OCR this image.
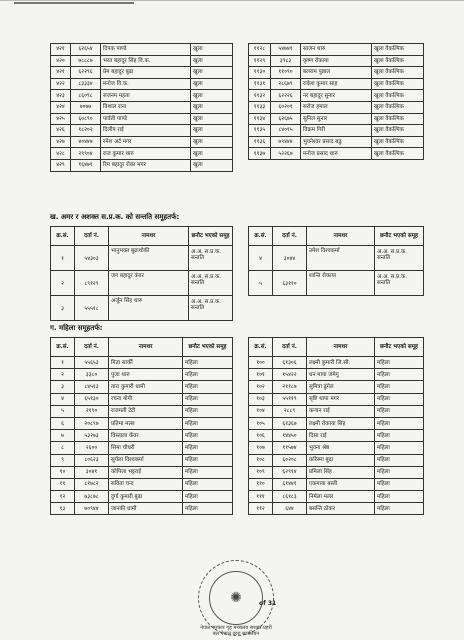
४२१	६२६५४	दिपक पाण्डे	खुला
४२०	७८८८७	भरत बहादुर सिंह वि.क.	खुला
४२१	६२२९६	प्रेम बहादुर बुढा	खुला
४२२	८३३३४	मनोज वि.क.	खुला
४२३	८६०९८	सजनम महता	खुला
४२४	७०७७	विशाल राना	खुला
४२५	६०८९०	पार्वती पाण्डे	खुला
४२६	१८२०२	दिलीप राई	खुला
४२७	४०४४७	रमेश अर्ट मगर	खुला
४२८	२९९०४	राज कुमार थारु	खुला
४२९	१६४७१	रिम बहादुर रोका मगर	खुला
११२८	५४७४१	साजन थारु	खुला वैकल्पिक
११२९	३९८३	कृष्ण रोकाया	खुला वैकल्पिक
११३०	११०९०	बलराम पुन्नाल	खुला वैकल्पिक
११३१	२८६७९	राकेश कुमार साह	खुला वैकल्पिक
११३२	६२२२६	नर बहादुर सुनार	खुला वैकल्पिक
११३३	६०२०१	सरोज हमाल	खुला वैकल्पिक
११३४	६२६७५	सुनिल सुनार	खुला वैकल्पिक
११३५	८४०१५	विक्रम गिरी	खुला वैकल्पिक
११३६	७९४४४	भुवनेश्वर प्रसाद बढु	खुला वैकल्पिक
११३७	५२२६७	मनोज प्रसाद थारु	खुला वैकल्पिक

ख. अमर र अशक्त स.प्र.क. को सन्तति समूहतर्फ:

क्र.सं.	दर्ता नं.	नामथर	छनौट भएको समूह
१	५४३०३	भानुभक्त बुढाथोकी	अ.अ. स.प्र.क. सन्तति
२	८९१२९	जग बहादुर कंवर	अ.अ. स.प्र.क. सन्तति
३	५५५१८	अर्जुन सिंह थारु	अ.अ. स.प्र.क. सन्तति
क्र.सं.	दर्ता नं.	नामथर	छनौट भएको समूह
४	३०४४	उमेश विश्वकर्मा	अ.अ. स.प्र.क. सन्तति
५	६३११०	शान्ति रोकाया	अ.अ. स.प्र.क. सन्तति

ग. महिला समूहतर्फ:

क्र.सं.	दर्ता नं.	नामथर	छनौट भएको समूह
१	५५६५३	गिता सार्की	महिला
२	३३८०	पुजा थारु	महिला
३	८४५१३	तारा कुमारी धामी	महिला
४	६५१३०	रचना योगी	महिला
५	२१९०	राजमती टेटी	महिला
६	२०८९७	प्रतिमा मल्ल	महिला
७	५३२७३	विस्ताला कँवर	महिला
८	२६००	सिमा चौधरी	महिला
९	८०६२३	सुर्यला विश्वकर्मा	महिला
१०	३०४१	कोपिला भट्टराई	महिला
११	८१७८२	सविता चन्द	महिला
१२	७३८७८	दुर्गा कुमारी बुढा	महिला
१३	७०९४४	जानकी धामी	महिला
क्र.सं.	दर्ता नं.	नामथर	छनौट भएको समूह
१००	६१३०६	लक्ष्मी कुमारी जि.सी.	महिला
१०१	१५४२२	धन माया जमेगु	महिला
१०२	२११८७	सुमित्रा ढुंगेल	महिला
१०३	५५११९	सृष्टि थापा मगर	महिला
१०४	२८८९	कन्चन राई	महिला
१०५	६१३६७	लक्ष्मी रोकाया सिंह	महिला
१०६	१४४५०	दिसा राई	महिला
१०७	११५७४	भुवना श्रेष्ठ	महिला
१०८	६०२०८	करिस्मा बुढा	महिला
१०९	६२९१४	प्रमिला सिंह	महिला
११०	६१४४१	एकमाया बस्ती	महिला
१११	८६१८३	निर्मला मल्ल	महिला
११२	६४४	बसन्ति ठोकर	महिला
✺
नेपाल सरकार गृह मन्त्रालय सशस्त्र प्रहरी बल नेपाल दररा बटालियन
of 31
